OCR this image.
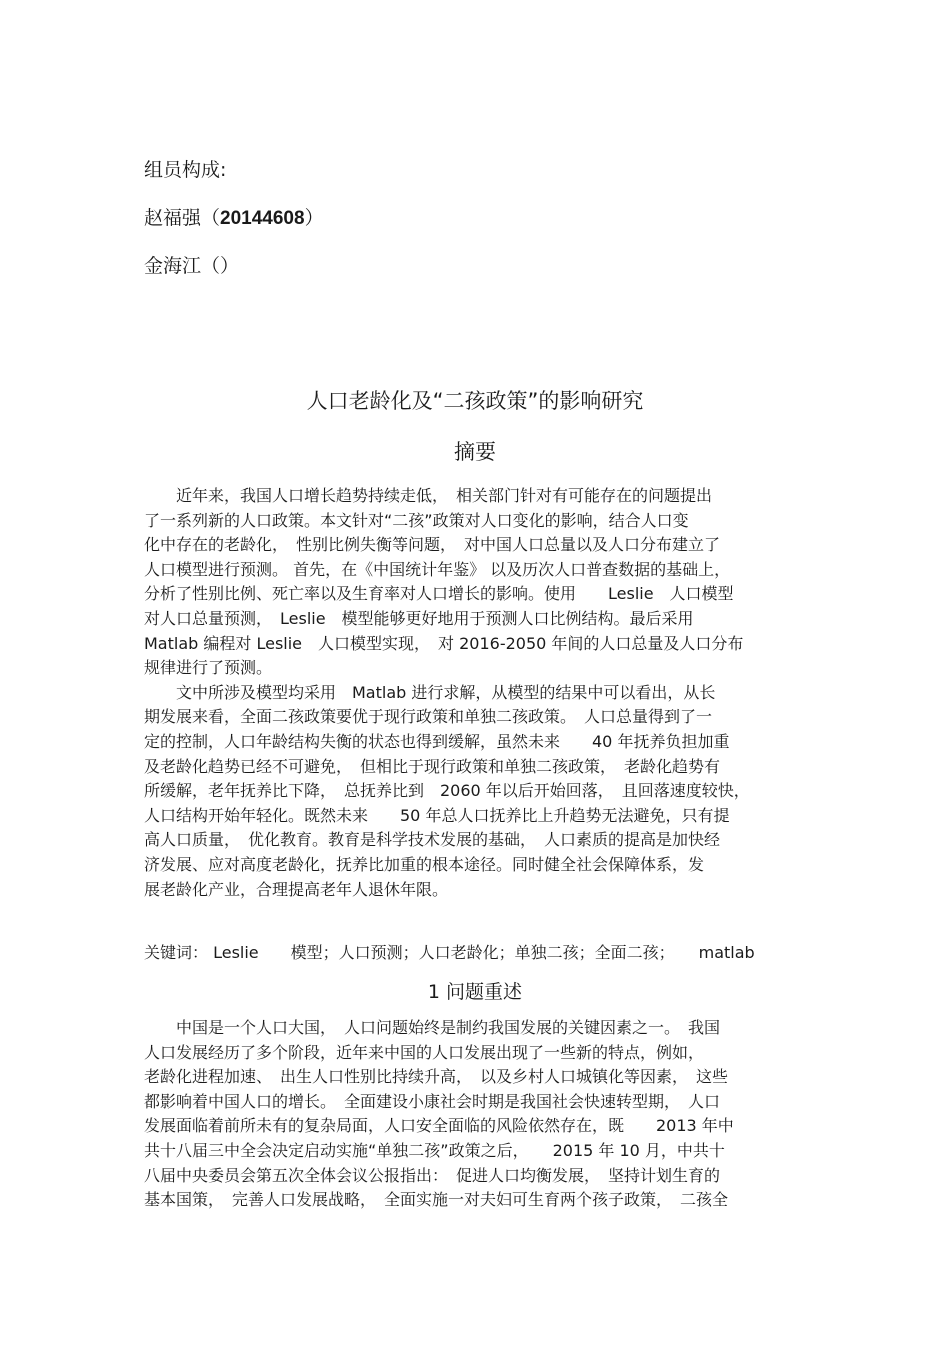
组员构成:
赵福强（20144608）
金海江（）
人口老龄化及“二孩政策”的影响研究
摘要
　　近年来，我国人口增长趋势持续走低，　相关部门针对有可能存在的问题提出
了一系列新的人口政策。本文针对“二孩”政策对人口变化的影响，结合人口变
化中存在的老龄化，　性别比例失衡等问题，　对中国人口总量以及人口分布建立了
人口模型进行预测。 首先，在《中国统计年鉴》 以及历次人口普查数据的基础上，
分析了性别比例、死亡率以及生育率对人口增长的影响。使用　　Leslie　人口模型
对人口总量预测，　Leslie　模型能够更好地用于预测人口比例结构。最后采用
Matlab 编程对 Leslie　人口模型实现，　对 2016-2050 年间的人口总量及人口分布
规律进行了预测。
　　文中所涉及模型均采用　Matlab 进行求解，从模型的结果中可以看出，从长
期发展来看，全面二孩政策要优于现行政策和单独二孩政策。　人口总量得到了一
定的控制，人口年龄结构失衡的状态也得到缓解，虽然未来　　40 年抚养负担加重
及老龄化趋势已经不可避免，　但相比于现行政策和单独二孩政策，　老龄化趋势有
所缓解，老年抚养比下降，　总抚养比到　2060 年以后开始回落，　且回落速度较快，
人口结构开始年轻化。既然未来　　50 年总人口抚养比上升趋势无法避免，只有提
高人口质量，　优化教育。教育是科学技术发展的基础，　人口素质的提高是加快经
济发展、应对高度老龄化，抚养比加重的根本途径。同时健全社会保障体系，发
展老龄化产业，合理提高老年人退休年限。
关键词： Leslie　　模型；人口预测；人口老龄化；单独二孩；全面二孩；　　matlab
1 问题重述
　　中国是一个人口大国，　人口问题始终是制约我国发展的关键因素之一。　我国
人口发展经历了多个阶段，近年来中国的人口发展出现了一些新的特点，例如，
老龄化进程加速、　出生人口性别比持续升高，　以及乡村人口城镇化等因素，　这些
都影响着中国人口的增长。　全面建设小康社会时期是我国社会快速转型期，　人口
发展面临着前所未有的复杂局面，人口安全面临的风险依然存在，既　　2013 年中
共十八届三中全会决定启动实施“单独二孩”政策之后，　　2015 年 10 月，中共十
八届中央委员会第五次全体会议公报指出：　促进人口均衡发展，　坚持计划生育的
基本国策，　完善人口发展战略，　全面实施一对夫妇可生育两个孩子政策，　二孩全
